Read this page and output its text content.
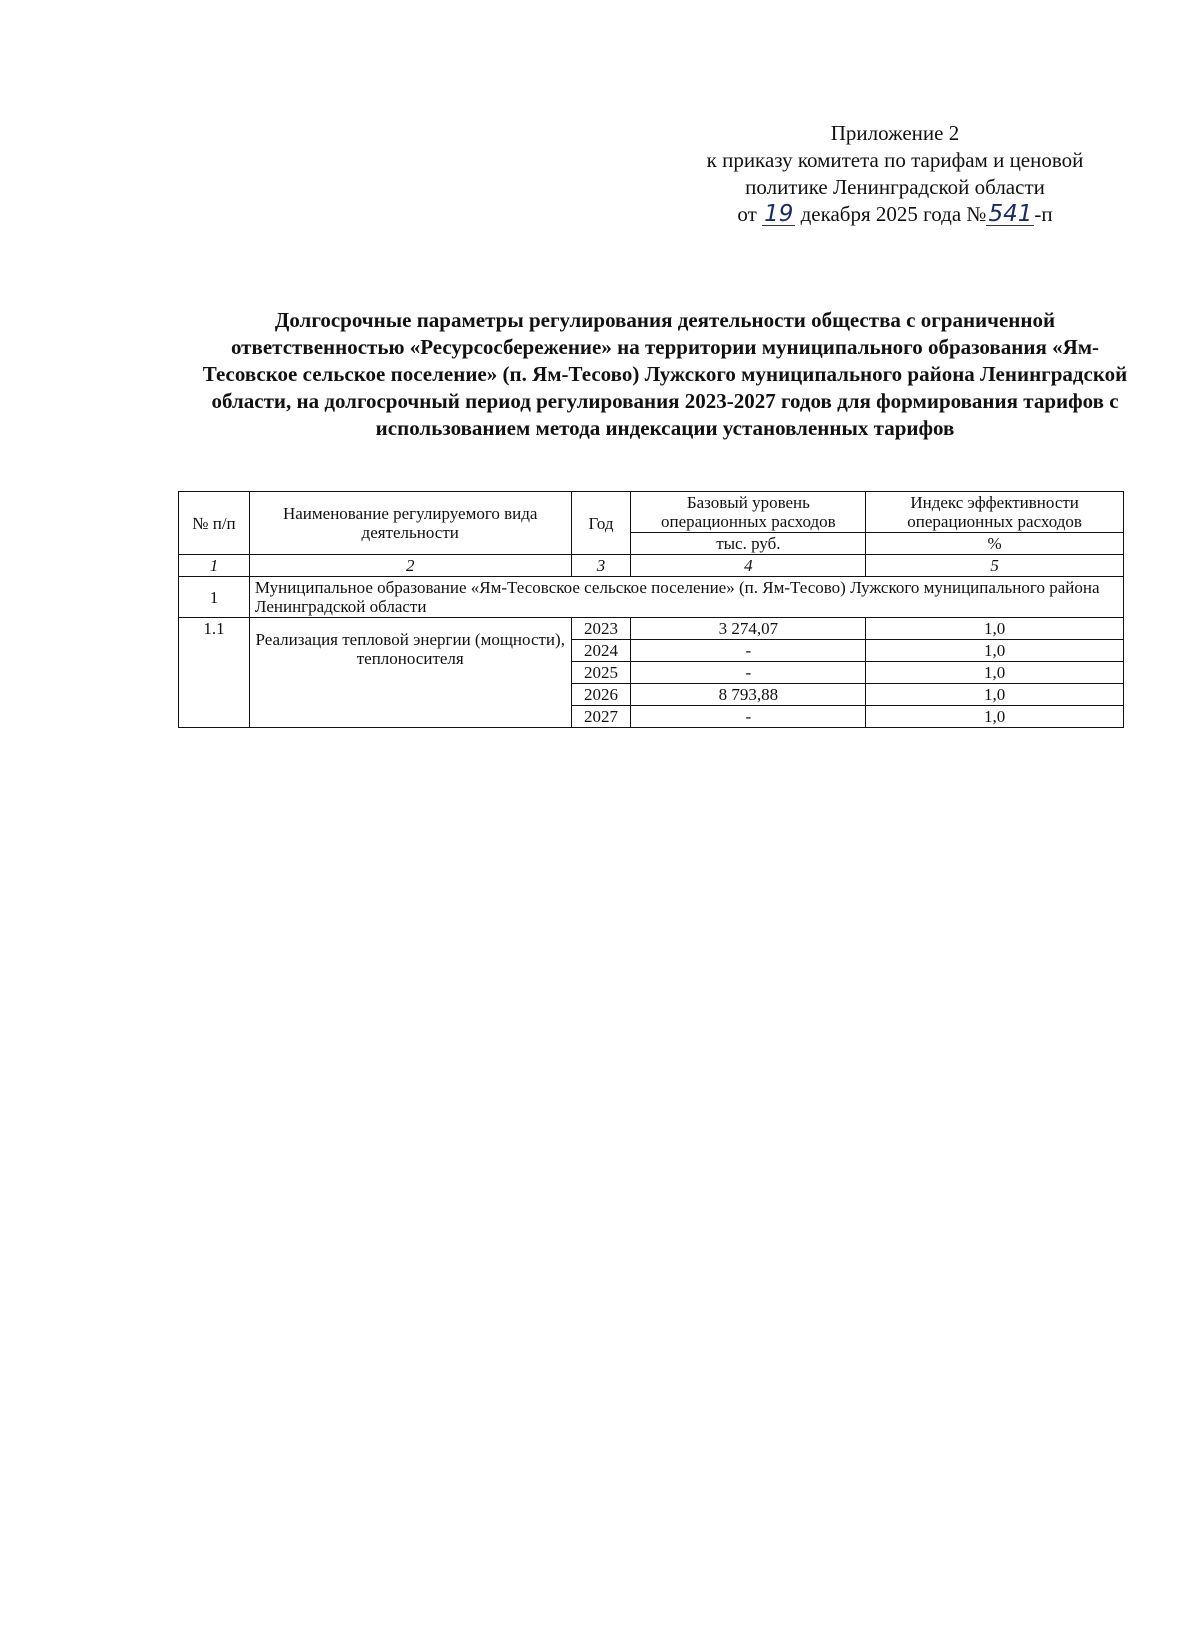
Приложение 2
к приказу комитета по тарифам и ценовой
политике Ленинградской области
от 19 декабря 2025 года №541-п
Долгосрочные параметры регулирования деятельности общества с ограниченной ответственностью «Ресурсосбережение» на территории муниципального образования «Ям-Тесовское сельское поселение» (п. Ям-Тесово) Лужского муниципального района Ленинградской области, на долгосрочный период регулирования 2023-2027 годов для формирования тарифов с использованием метода индексации установленных тарифов
№ п/п	Наименование регулируемого вида деятельности	Год	Базовый уровень операционных расходов	Индекс эффективности операционных расходов
			тыс. руб.	%
1	2	3	4	5
1	Муниципальное образование «Ям-Тесовское сельское поселение» (п. Ям-Тесово) Лужского муниципального района Ленинградской области			
1.1	Реализация тепловой энергии (мощности), теплоносителя	2023	3 274,07	1,0
		2024	-	1,0
		2025	-	1,0
		2026	8 793,88	1,0
		2027	-	1,0
